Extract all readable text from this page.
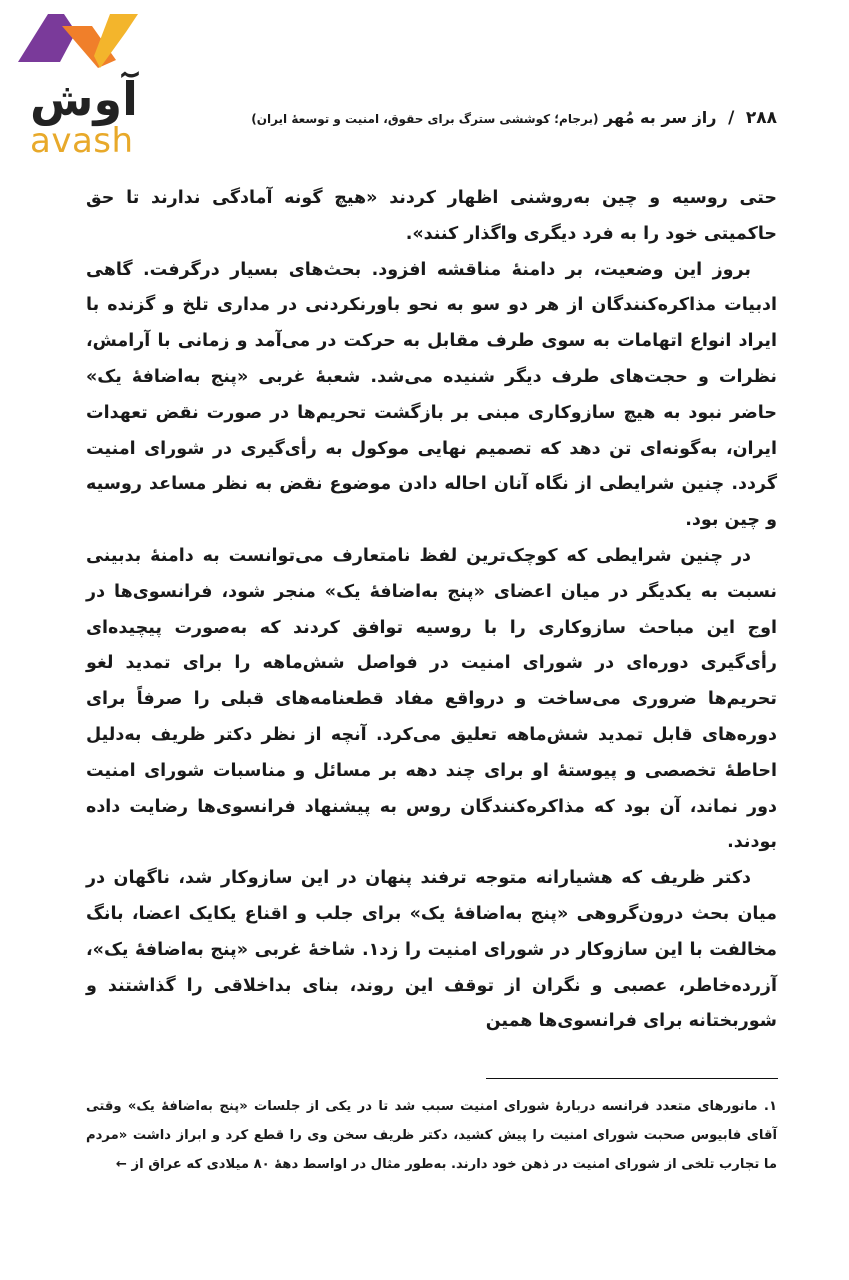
آوش
avash
۲۸۸ / راز سر به مُهر (برجام؛ کوششی سترگ برای حقوق، امنیت و توسعهٔ ایران)

حتی روسیه و چین به‌روشنی اظهار کردند «هیچ گونه آمادگی ندارند تا حق حاکمیتی خود را به فرد دیگری واگذار کنند».

بروز این وضعیت، بر دامنهٔ مناقشه افزود. بحث‌های بسیار درگرفت. گاهی ادبیات مذاکره‌کنندگان از هر دو سو به نحو باورنکردنی در مداری تلخ و گزنده با ایراد انواع اتهامات به سوی طرف مقابل به حرکت در می‌آمد و زمانی با آرامش، نظرات و حجت‌های طرف دیگر شنیده می‌شد. شعبهٔ غربی «پنج به‌اضافهٔ یک» حاضر نبود به هیچ سازوکاری مبنی بر بازگشت تحریم‌ها در صورت نقض تعهدات ایران، به‌گونه‌ای تن دهد که تصمیم نهایی موکول به رأی‌گیری در شورای امنیت گردد. چنین شرایطی از نگاه آنان احاله دادن موضوع نقض به نظر مساعد روسیه و چین بود.

در چنین شرایطی که کوچک‌ترین لفظ نامتعارف می‌توانست به دامنهٔ بدبینی نسبت به یکدیگر در میان اعضای «پنج به‌اضافهٔ یک» منجر شود، فرانسوی‌ها در اوج این مباحث سازوکاری را با روسیه توافق کردند که به‌صورت پیچیده‌ای رأی‌گیری دوره‌ای در شورای امنیت در فواصل شش‌ماهه را برای تمدید لغو تحریم‌ها ضروری می‌ساخت و درواقع مفاد قطعنامه‌های قبلی را صرفاً برای دوره‌های قابل تمدید شش‌ماهه تعلیق می‌کرد. آنچه از نظر دکتر ظریف به‌دلیل احاطهٔ تخصصی و پیوستهٔ او برای چند دهه بر مسائل و مناسبات شورای امنیت دور نماند، آن بود که مذاکره‌کنندگان روس به پیشنهاد فرانسوی‌ها رضایت داده بودند.

دکتر ظریف که هشیارانه متوجه ترفند پنهان در این سازوکار شد، ناگهان در میان بحث درون‌گروهی «پنج به‌اضافهٔ یک» برای جلب و اقناع یکایک اعضا، بانگ مخالفت با این سازوکار در شورای امنیت را زد۱. شاخهٔ غربی «پنج به‌اضافهٔ یک»، آزرده‌خاطر، عصبی و نگران از توقف این روند، بنای بداخلاقی را گذاشتند و شوربختانه برای فرانسوی‌ها همین

۱. مانورهای متعدد فرانسه دربارهٔ شورای امنیت سبب شد تا در یکی از جلسات «پنج به‌اضافهٔ یک» وقتی آقای فابیوس صحبت شورای امنیت را پیش کشید، دکتر ظریف سخن وی را قطع کرد و ابراز داشت «مردم ما تجارب تلخی از شورای امنیت در ذهن خود دارند. به‌طور مثال در اواسط دههٔ ۸۰ میلادی که عراق از ←
